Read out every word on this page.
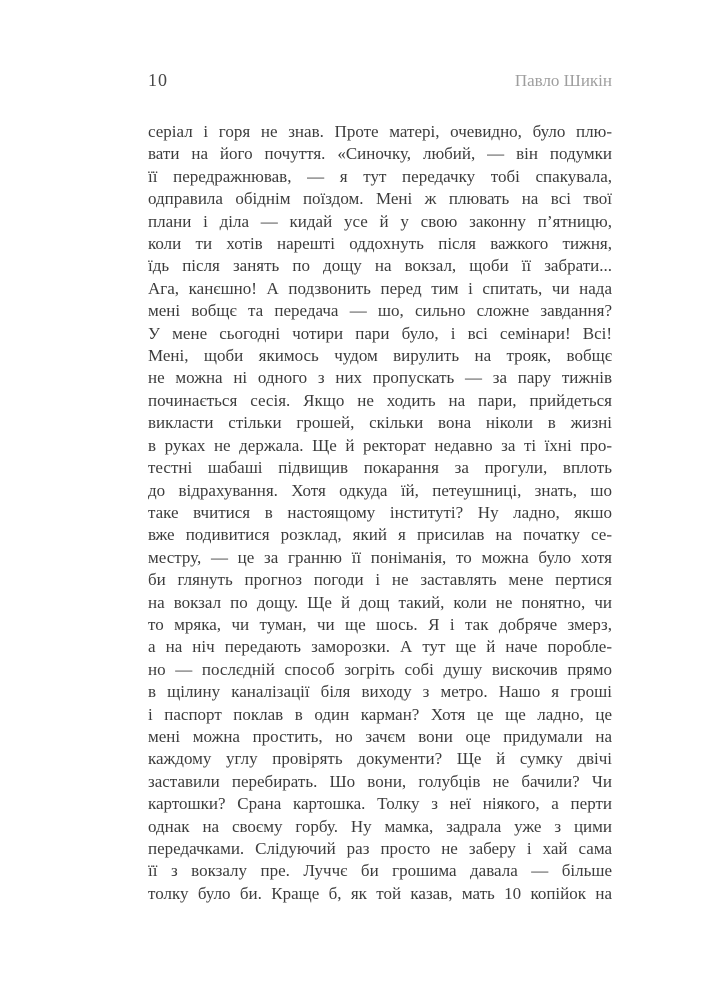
10	Павло Шикін
серіал і горя не знав. Проте матері, очевидно, було плю-
вати на його почуття. «Синочку, любий, — він подумки
її передражнював, — я тут передачку тобі спакувала,
одправила обіднім поїздом. Мені ж плювать на всі твої
плани і діла — кидай усе й у свою законну п’ятницю,
коли ти хотів нарешті оддохнуть після важкого тижня,
їдь після занять по дощу на вокзал, щоби її забрати...
Ага, канєшно! А подзвонить перед тим і спитать, чи нада
мені вобщє та передача — шо, сильно сложне завдання?
У мене сьогодні чотири пари було, і всі семінари! Всі!
Мені, щоби якимось чудом вирулить на трояк, вобщє
не можна ні одного з них пропускать — за пару тижнів
починається сесія. Якщо не ходить на пари, прийдеться
викласти стільки грошей, скільки вона ніколи в жизні
в руках не держала. Ще й ректорат недавно за ті їхні про-
тестні шабаші підвищив покарання за прогули, вплоть
до відрахування. Хотя одкуда їй, петеушниці, знать, шо
таке вчитися в настоящому інституті? Ну ладно, якшо
вже подивитися розклад, який я присилав на початку се-
местру, — це за гранню її поніманія, то можна було хотя
би глянуть прогноз погоди і не заставлять мене пертися
на вокзал по дощу. Ще й дощ такий, коли не понятно, чи
то мряка, чи туман, чи ще шось. Я і так добряче змерз,
а на ніч передають заморозки. А тут ще й наче поробле-
но — послєдній способ зогріть собі душу вискочив прямо
в щілину каналізації біля виходу з метро. Нашо я гроші
і паспорт поклав в один карман? Хотя це ще ладно, це
мені можна простить, но зачєм вони оце придумали на
каждому углу провірять документи? Ще й сумку двічі
заставили перебирать. Шо вони, голубців не бачили? Чи
картошки? Срана картошка. Толку з неї ніякого, а перти
однак на своєму горбу. Ну мамка, задрала уже з цими
передачками. Слідуючий раз просто не заберу і хай сама
її з вокзалу пре. Луччє би грошима давала — більше
толку було би. Краще б, як той казав, мать 10 копійок на
